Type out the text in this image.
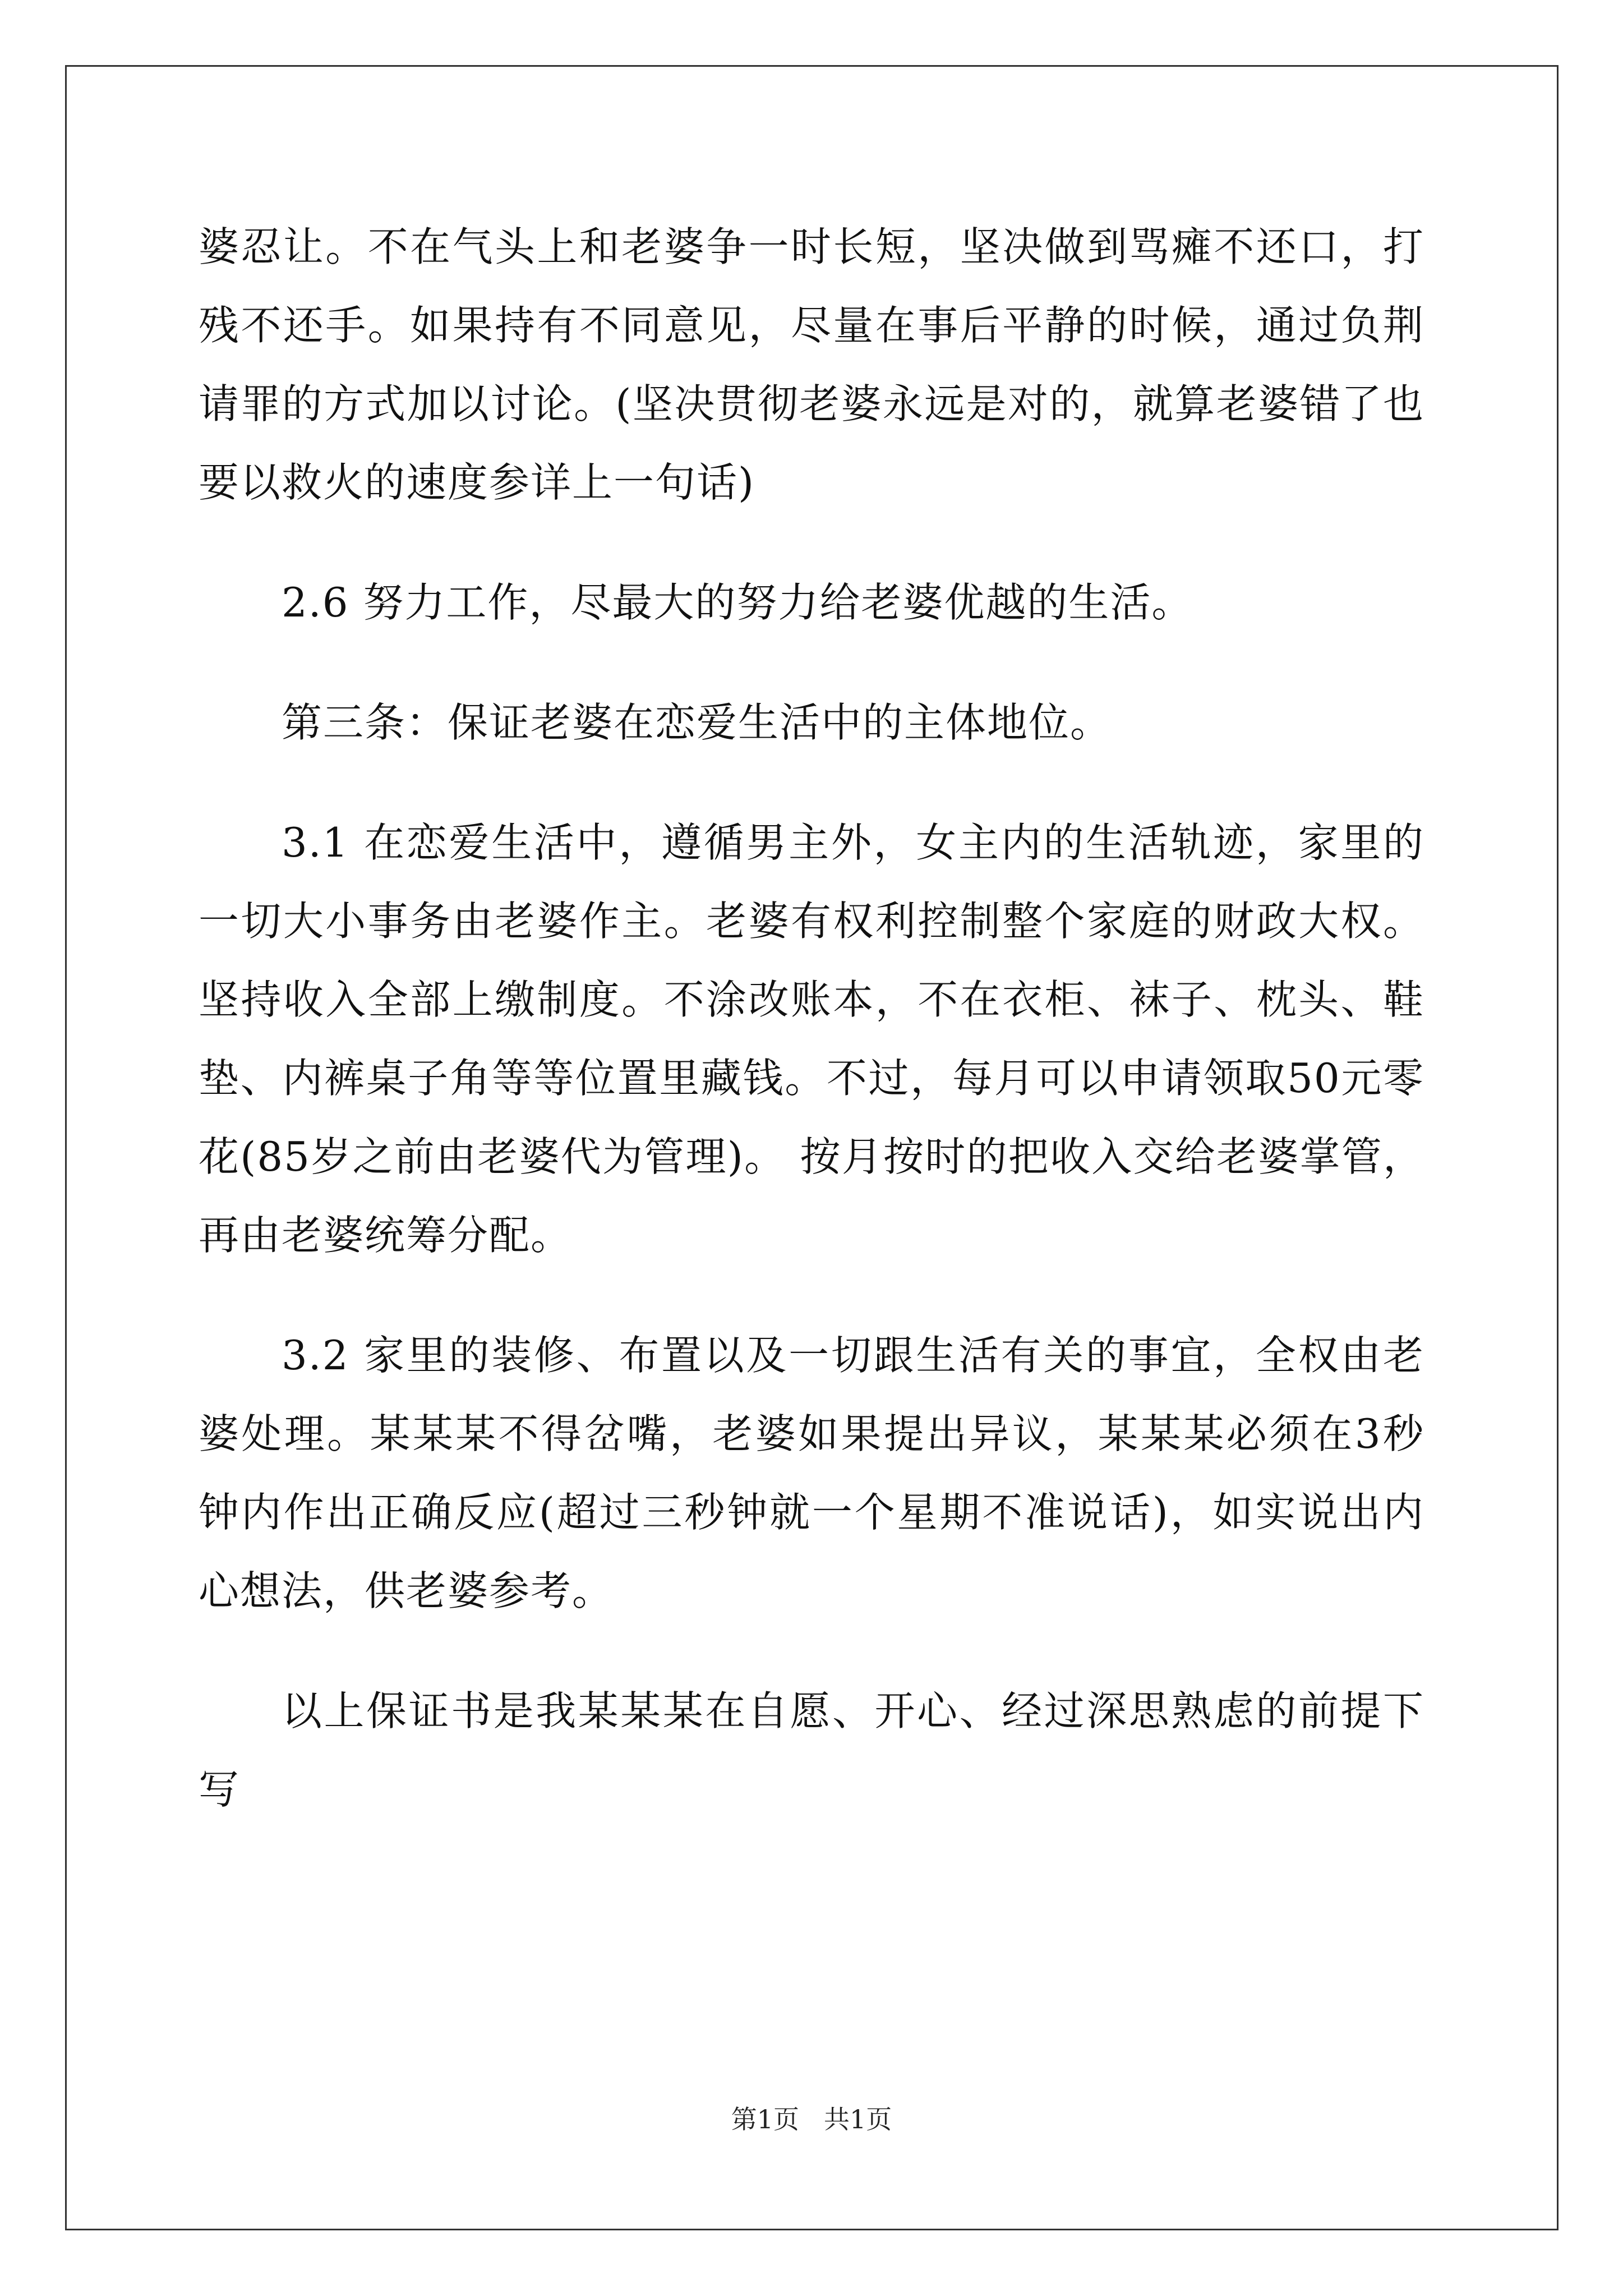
婆忍让。不在气头上和老婆争一时长短，坚决做到骂瘫不还口，打残不还手。如果持有不同意见，尽量在事后平静的时候，通过负荆请罪的方式加以讨论。(坚决贯彻老婆永远是对的，就算老婆错了也要以救火的速度参详上一句话)

2.6 努力工作，尽最大的努力给老婆优越的生活。

第三条：保证老婆在恋爱生活中的主体地位。

3.1 在恋爱生活中，遵循男主外，女主内的生活轨迹，家里的一切大小事务由老婆作主。老婆有权利控制整个家庭的财政大权。坚持收入全部上缴制度。不涂改账本，不在衣柜、袜子、枕头、鞋垫、内裤桌子角等等位置里藏钱。不过，每月可以申请领取50元零花(85岁之前由老婆代为管理)。 按月按时的把收入交给老婆掌管，再由老婆统筹分配。

3.2 家里的装修、布置以及一切跟生活有关的事宜，全权由老婆处理。某某某不得岔嘴，老婆如果提出异议，某某某必须在3秒钟内作出正确反应(超过三秒钟就一个星期不准说话)，如实说出内心想法，供老婆参考。

以上保证书是我某某某在自愿、开心、经过深思熟虑的前提下写

第1页 共1页
